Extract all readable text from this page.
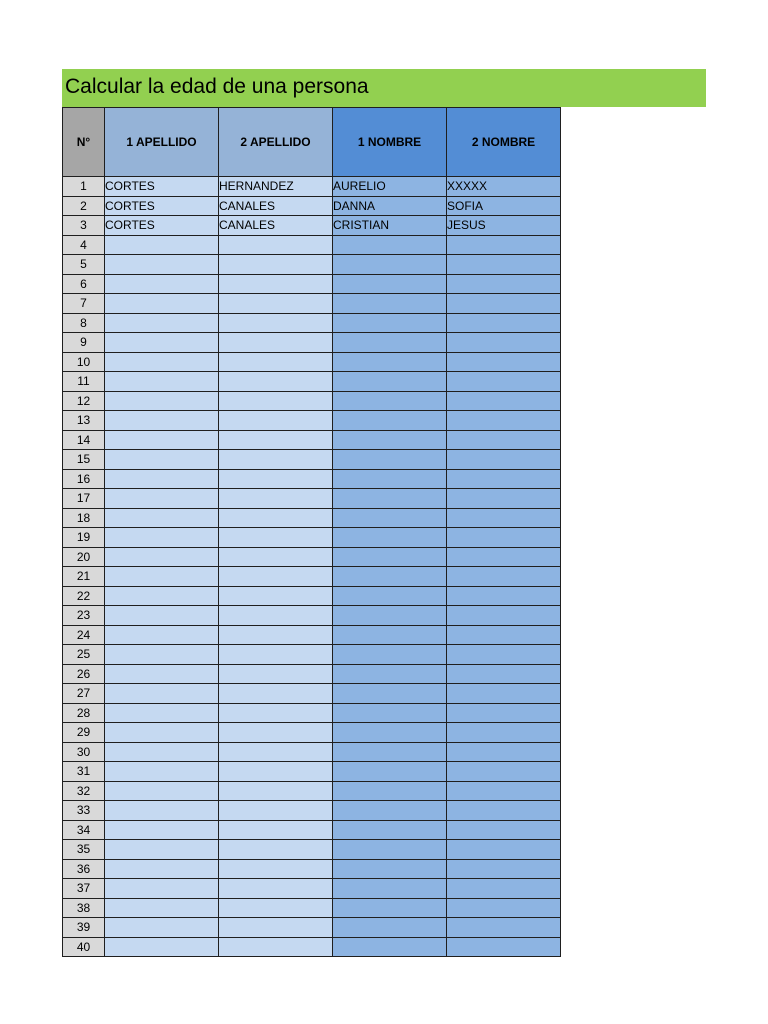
Calcular la edad de una persona
N°	1 APELLIDO	2 APELLIDO	1 NOMBRE	2 NOMBRE
1	CORTES	HERNANDEZ	AURELIO	XXXXX
2	CORTES	CANALES	DANNA	SOFIA
3	CORTES	CANALES	CRISTIAN	JESUS
4				
5				
6				
7				
8				
9				
10				
11				
12				
13				
14				
15				
16				
17				
18				
19				
20				
21				
22				
23				
24				
25				
26				
27				
28				
29				
30				
31				
32				
33				
34				
35				
36				
37				
38				
39				
40				
